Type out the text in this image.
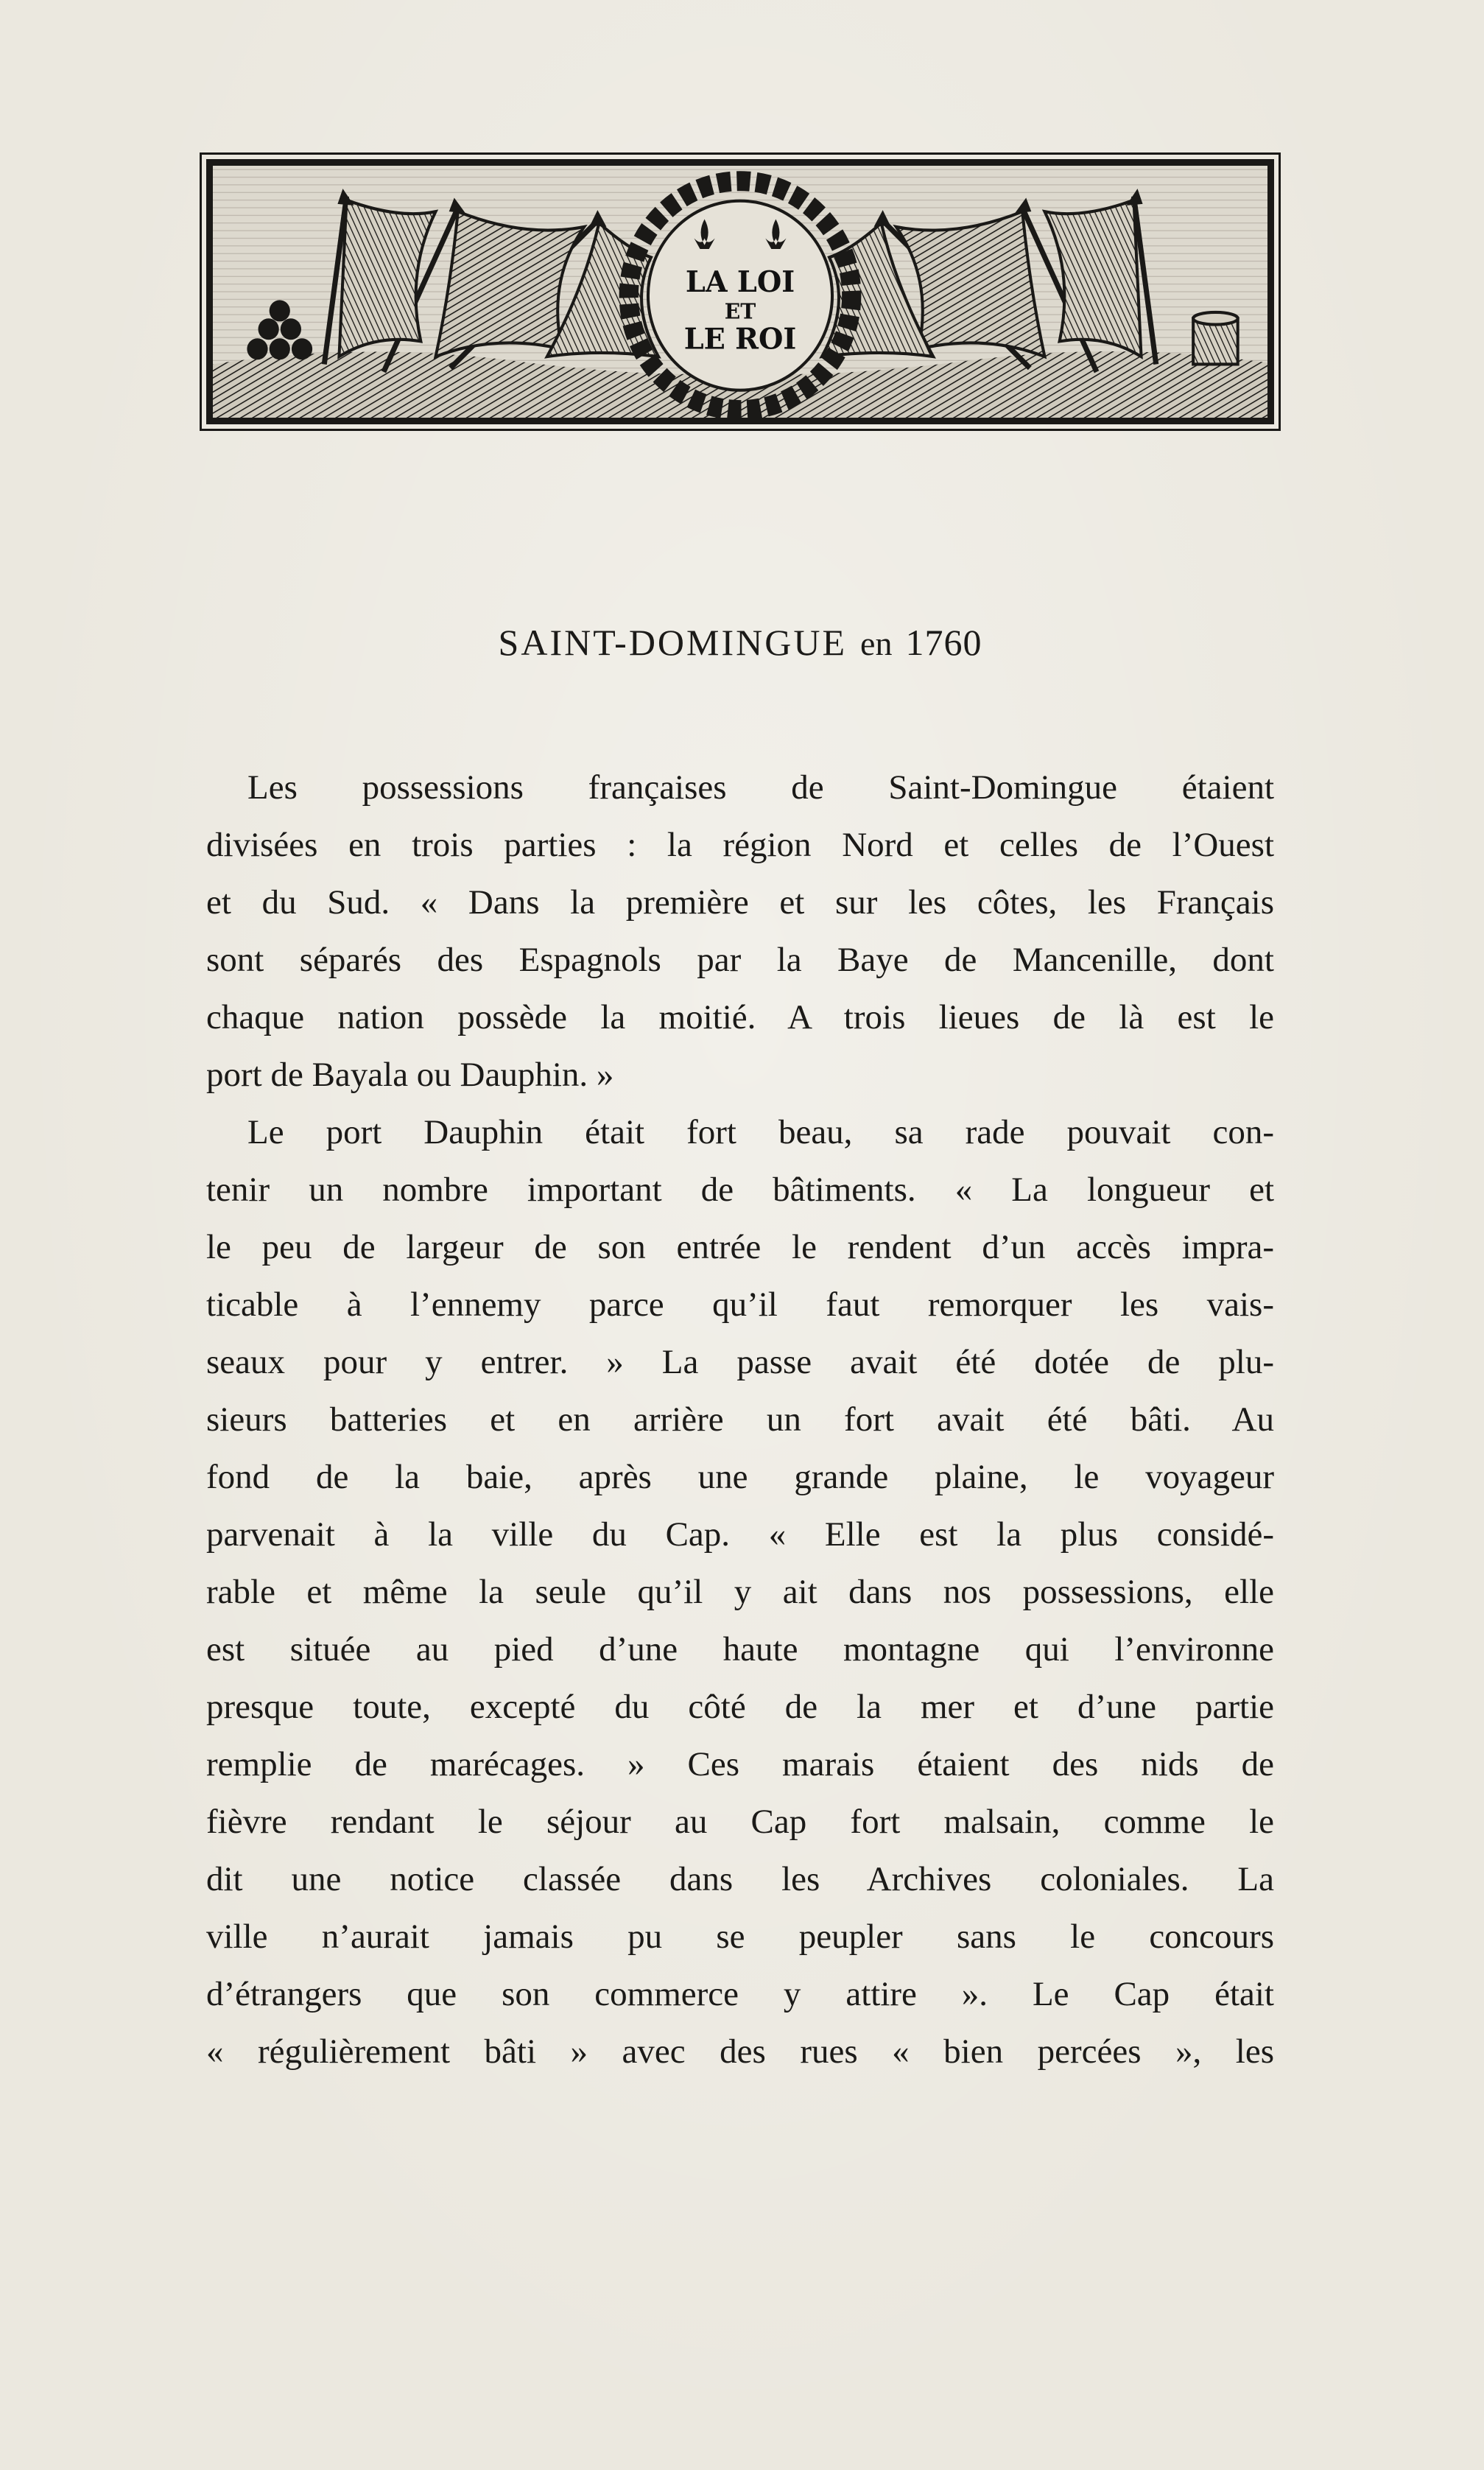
LA LOI
ET
LE ROI
SAINT-DOMINGUE en 1760
Les possessions françaises de Saint-Domingue étaient
divisées en trois parties : la région Nord et celles de l’Ouest
et du Sud. « Dans la première et sur les côtes, les Français
sont séparés des Espagnols par la Baye de Mancenille, dont
chaque nation possède la moitié. A trois lieues de là est le
port de Bayala ou Dauphin. »
Le port Dauphin était fort beau, sa rade pouvait con-
tenir un nombre important de bâtiments. « La longueur et
le peu de largeur de son entrée le rendent d’un accès impra-
ticable à l’ennemy parce qu’il faut remorquer les vais-
seaux pour y entrer. » La passe avait été dotée de plu-
sieurs batteries et en arrière un fort avait été bâti. Au
fond de la baie, après une grande plaine, le voyageur
parvenait à la ville du Cap. « Elle est la plus considé-
rable et même la seule qu’il y ait dans nos possessions, elle
est située au pied d’une haute montagne qui l’environne
presque toute, excepté du côté de la mer et d’une partie
remplie de marécages. » Ces marais étaient des nids de
fièvre rendant le séjour au Cap fort malsain, comme le
dit une notice classée dans les Archives coloniales. La
ville n’aurait jamais pu se peupler sans le concours
d’étrangers que son commerce y attire ». Le Cap était
« régulièrement bâti » avec des rues « bien percées », les
